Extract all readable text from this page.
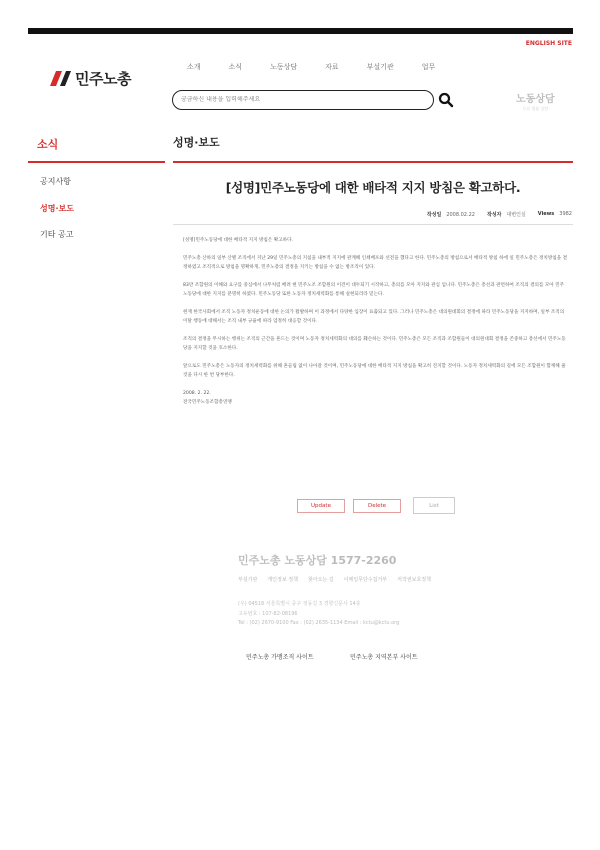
ENGLISH SITE
민주노총
소개	소식	노동상담	자료	부설기관	업무
궁금하신 내용을 입력해주세요
노동상담
무료 법률 상담
소식
공지사항
성명·보도
기타 공고
성명·보도
[성명]민주노동당에 대한 배타적 지지 방침은 확고하다.
작성일 2008.02.22 작성자 대변인실 Views 3982

[성명]민주노동당에 대한 배타적 지지 방침은 확고하다.

민주노총 산하의 일부 산별 조직에서 지난 29일 민주노총의 지침을 내부적 지지에 관계해 인쇄배포와 선전을 했다고 한다. 민주노총의 방침으로서 배타적 방침 하에 일 민주노총은 정치방침을 결정하였고 조직적으로 방침을 명확하게, 민주노총의 결정을 지키는 방침을 수 없는 방조직이 있다.

83만 조합원의 이해와 요구를 중심에서 나무처럼 배려 현 민주노조 조합원의 이견이 대두되기 시작하고, 총의를 모아 지지와 관심 입니다. 민주노총은 총선과 관련하여 조직의 결의를 모아 민주노동당에 대한 지지를 분명히 하였다. 민주노동당 또한 노동자 정치세력화를 통해 실현되리라 믿는다.

현재 한국사회에서 조직 노동자 정치운동에 대한 논의가 활발하며 이 과정에서 다양한 입장이 표출되고 있다. 그러나 민주노총은 대의원대회의 결정에 따라 민주노동당을 지지하며, 일부 조직의 이탈 행동에 대해서는 조직 내부 규율에 따라 엄정히 대응할 것이다.

조직의 결정을 무시하는 행위는 조직의 근간을 흔드는 것이며 노동자 정치세력화의 대의를 훼손하는 것이다. 민주노총은 모든 조직과 조합원들이 대의원대회 결정을 존중하고 총선에서 민주노동당을 지지할 것을 호소한다.

앞으로도 민주노총은 노동자의 정치세력화를 위해 흔들림 없이 나아갈 것이며, 민주노동당에 대한 배타적 지지 방침을 확고히 견지할 것이다. 노동자 정치세력화의 길에 모든 조합원이 함께해 줄 것을 다시 한 번 당부한다.

2008. 2. 22.

전국민주노동조합총연맹

Update	Delete	List
민주노총 노동상담 1577-2260
부설기관 개인정보 정책 찾아오는 길 이메일무단수집거부 저작권보호정책
(우) 04518 서울특별시 중구 정동길 3 경향신문사 14층
고유번호 : 107-82-08196
Tel : (02) 2670-9100 Fax : (02) 2635-1134 Email : kctu@kctu.org
민주노총 가맹조직 사이트	민주노총 지역본부 사이트
